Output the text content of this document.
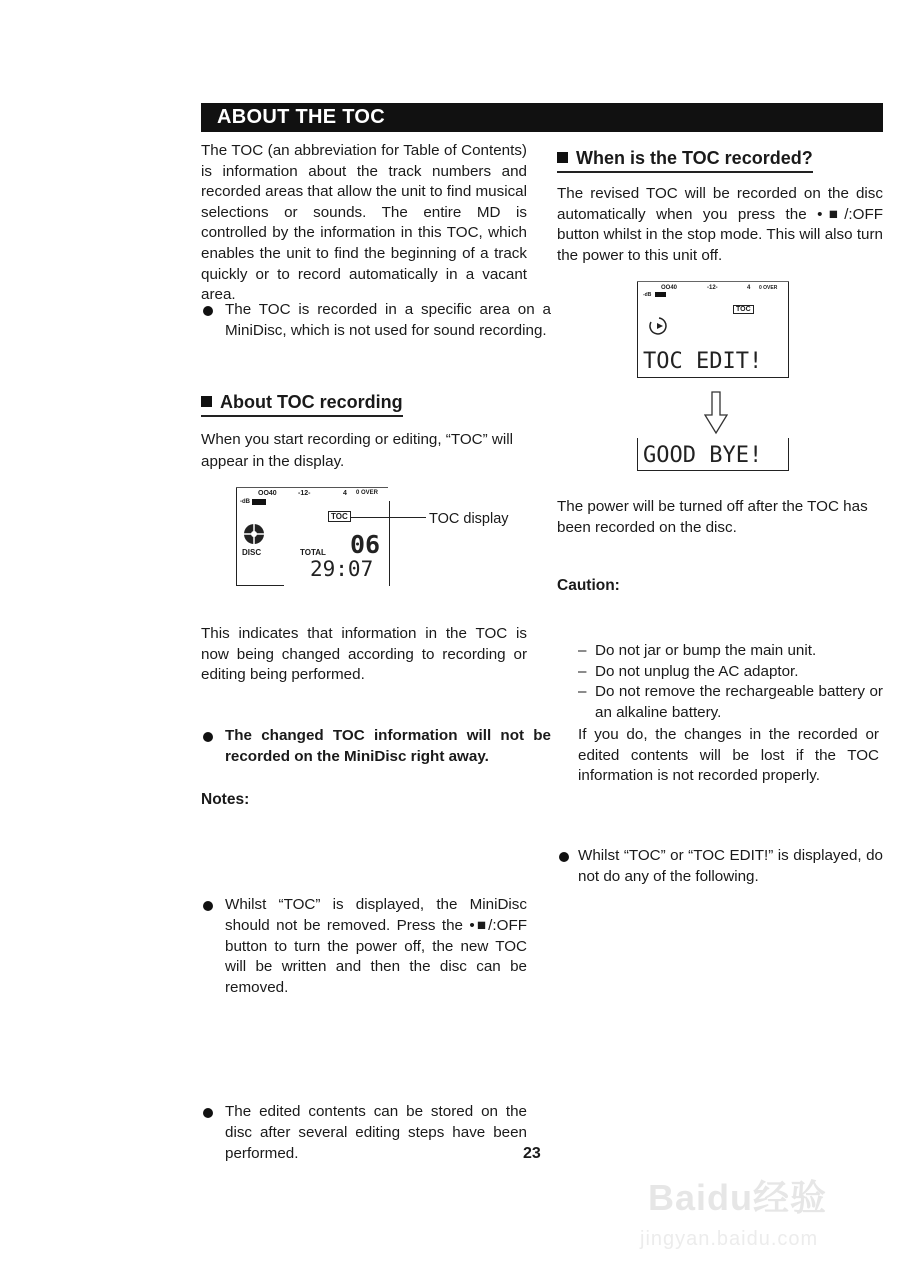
ABOUT THE TOC
The TOC (an abbreviation for Table of Contents) is information about the track numbers and recorded areas that allow the unit to find musical selections or sounds. The entire MD is controlled by the information in this TOC, which enables the unit to find the beginning of a track quickly or to record automatically in a vacant area.
The TOC is recorded in a specific area on a MiniDisc, which is not used for sound recording.
About TOC recording
When you start recording or editing, “TOC” will appear in the display.
OO40	-12-	4 0 OVER
-dB
TOC
DISC	TOTAL 06
29:07
TOC display
This indicates that information in the TOC is now being changed according to recording or editing being performed.
The changed TOC information will not be recorded on the MiniDisc right away.
Notes:
Whilst “TOC” is displayed, the MiniDisc should not be removed. Press the •■/:OFF button to turn the power off, the new TOC will be written and then the disc can be removed.
The edited contents can be stored on the disc after several editing steps have been performed.
When is the TOC recorded?
The revised TOC will be recorded on the disc automatically when you press the •■/:OFF button whilst in the stop mode. This will also turn the power to this unit off.
OO40	-12-	4 0 OVER
-dB
TOC
TOC EDIT!
GOOD BYE!
The power will be turned off after the TOC has been recorded on the disc.
Caution:
Whilst “TOC” or “TOC EDIT!” is displayed, do not do any of the following.
– Do not jar or bump the main unit.
– Do not unplug the AC adaptor.
– Do not remove the rechargeable battery or an alkaline battery.
If you do, the changes in the recorded or edited contents will be lost if the TOC information is not recorded properly.
23
Baidu经验
jingyan.baidu.com
